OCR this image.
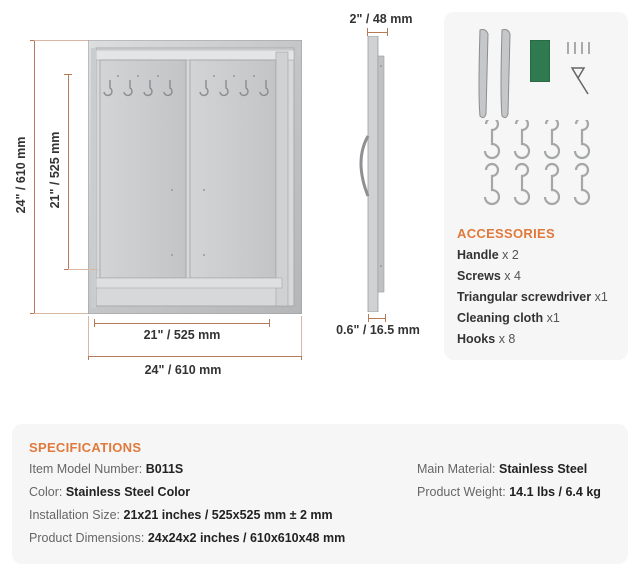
24" / 610 mm 21" / 525 mm
21" / 525 mm
24" / 610 mm
2" / 48 mm
0.6" / 16.5 mm
ACCESSORIES
Handle x 2
Screws x 4
Triangular screwdriver x1
Cleaning cloth x1
Hooks x 8
SPECIFICATIONS
Item Model Number: B011S
Color: Stainless Steel Color
Installation Size: 21x21 inches / 525x525 mm ± 2 mm
Product Dimensions: 24x24x2 inches / 610x610x48 mm
Main Material: Stainless Steel
Product Weight: 14.1 lbs / 6.4 kg
